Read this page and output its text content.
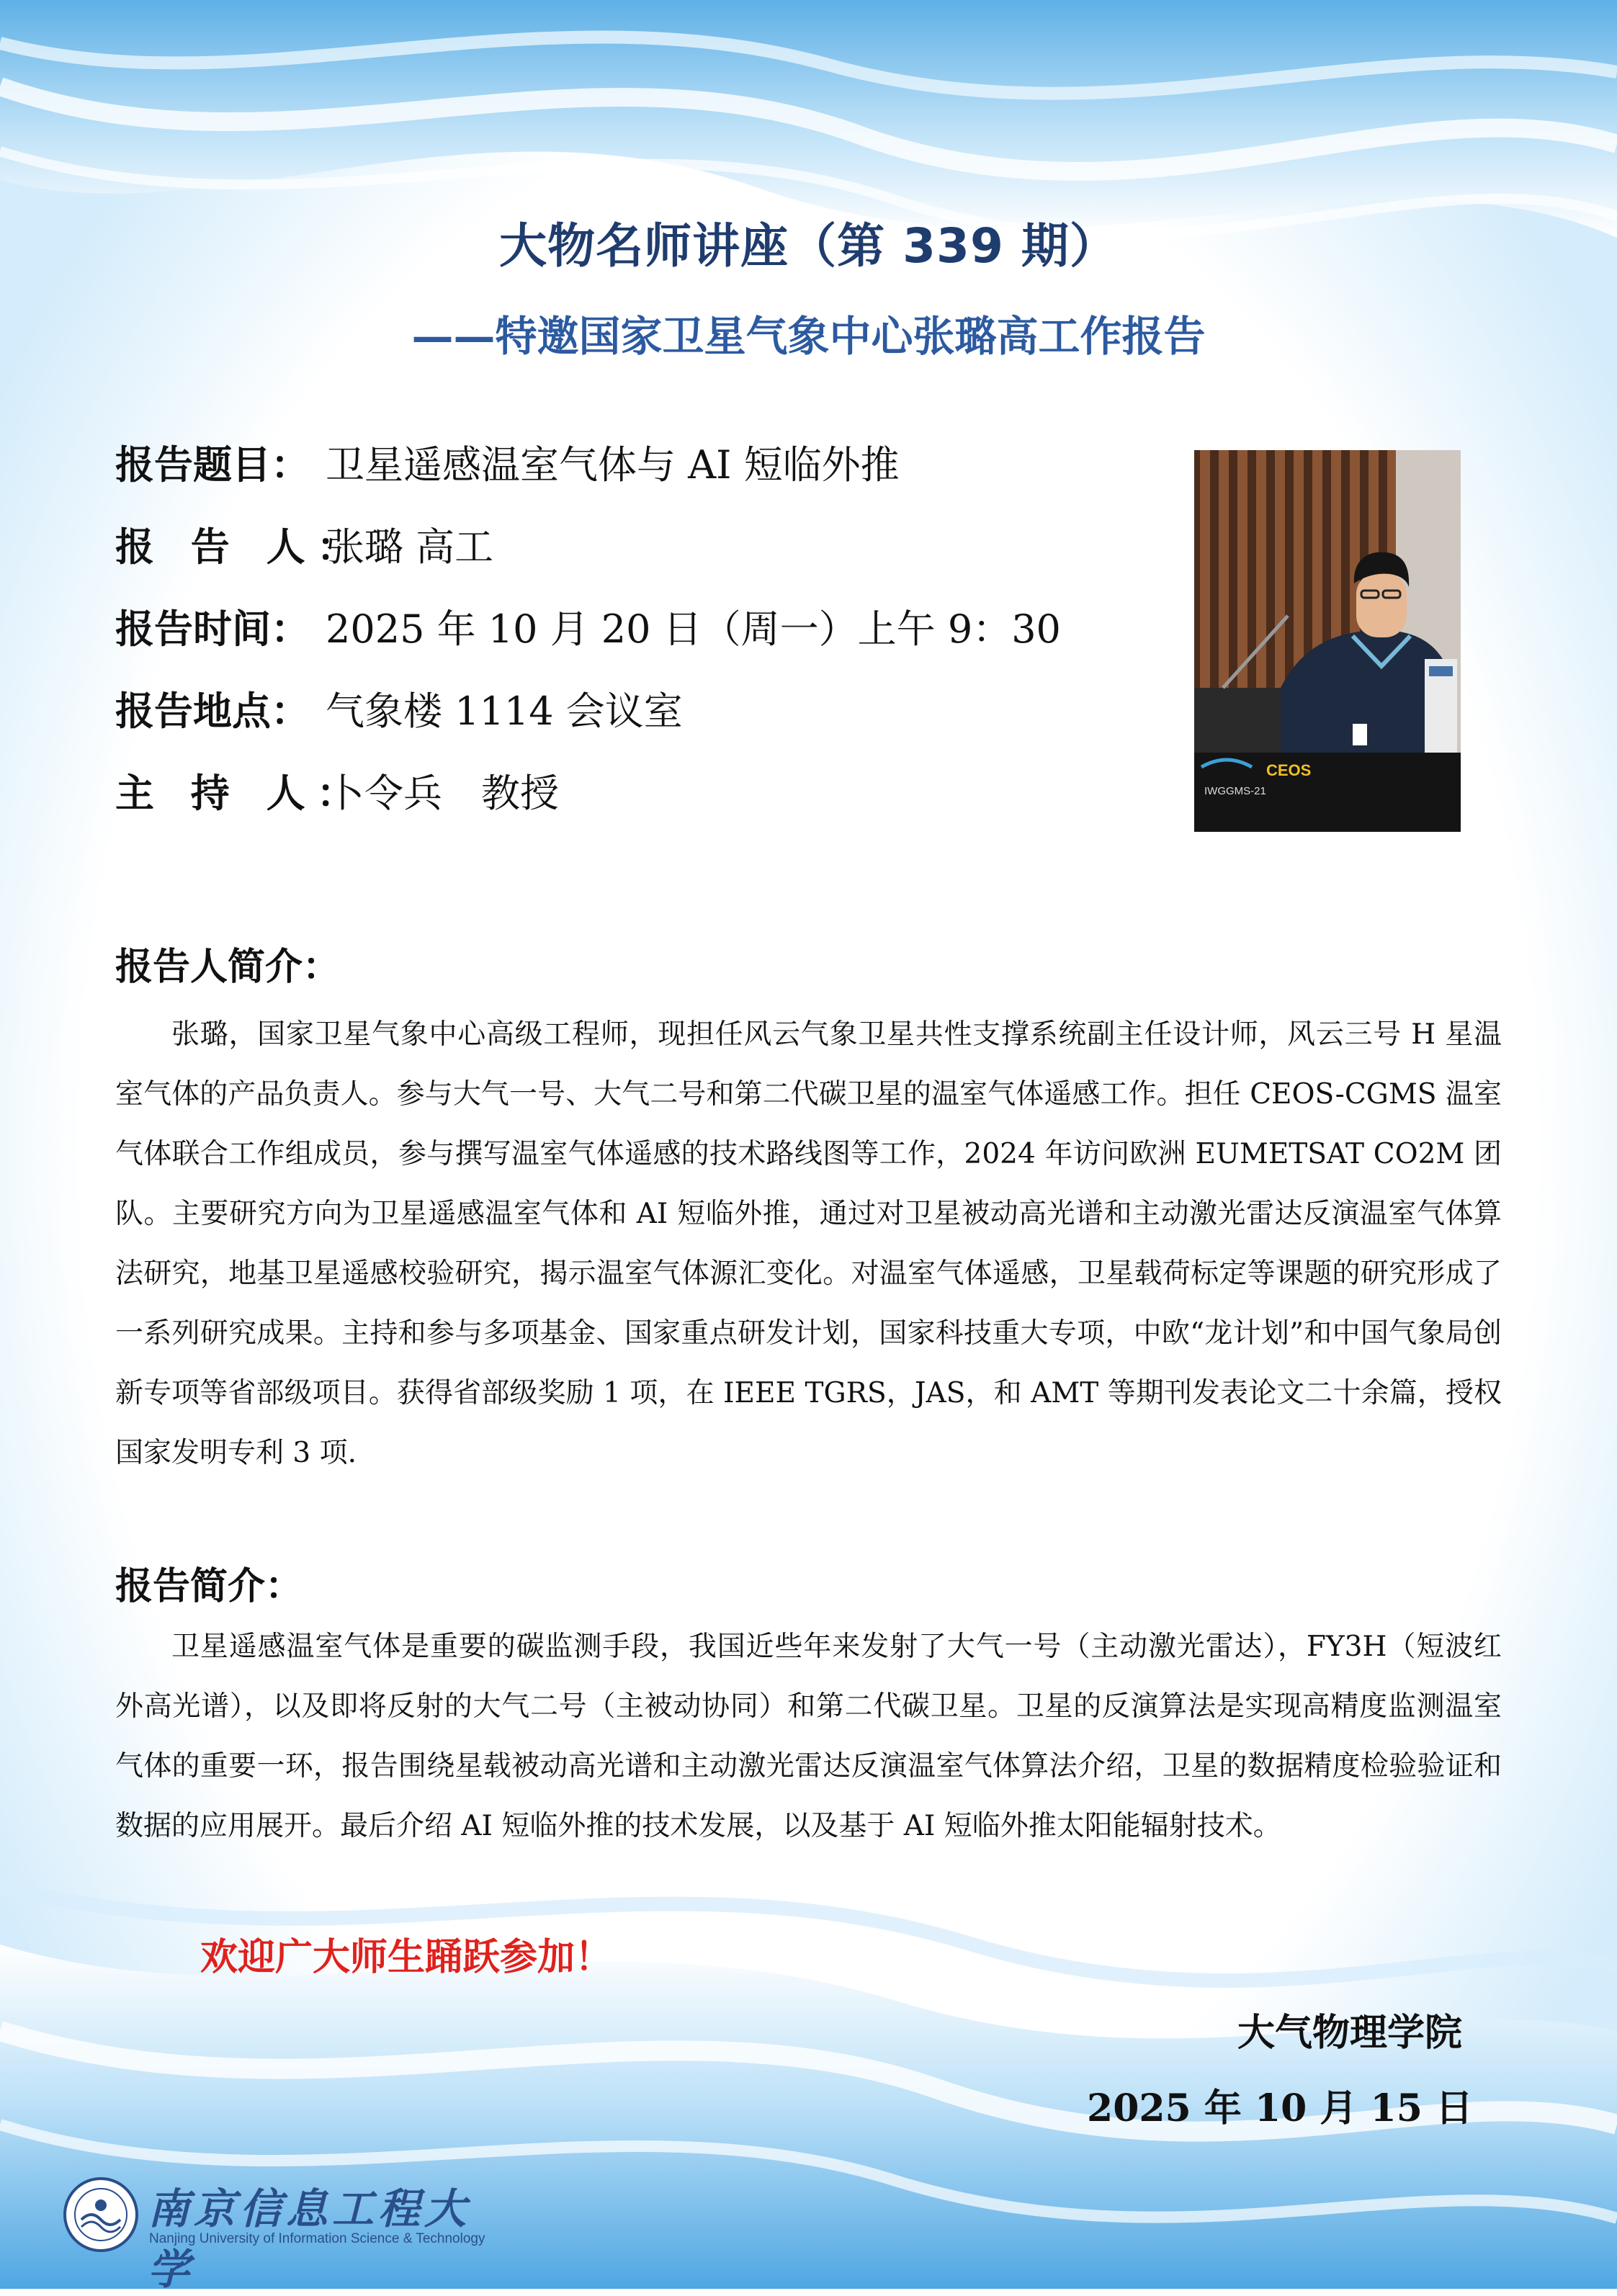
大物名师讲座（第 339 期）
——特邀国家卫星气象中心张璐高工作报告
报告题目： 卫星遥感温室气体与 AI 短临外推
报 告 人：张璐 高工
报告时间： 2025 年 10 月 20 日（周一）上午 9：30
报告地点： 气象楼 1114 会议室
主 持 人：卜令兵　教授	IWGGMS-21
CEOS
报告人简介：

张璐，国家卫星气象中心高级工程师，现担任风云气象卫星共性支撑系统副主任设计师，风云三号 H 星温室气体的产品负责人。参与大气一号、大气二号和第二代碳卫星的温室气体遥感工作。担任 CEOS-CGMS 温室气体联合工作组成员，参与撰写温室气体遥感的技术路线图等工作，2024 年访问欧洲 EUMETSAT CO2M 团队。主要研究方向为卫星遥感温室气体和 AI 短临外推，通过对卫星被动高光谱和主动激光雷达反演温室气体算法研究，地基卫星遥感校验研究，揭示温室气体源汇变化。对温室气体遥感，卫星载荷标定等课题的研究形成了一系列研究成果。主持和参与多项基金、国家重点研发计划，国家科技重大专项，中欧“龙计划”和中国气象局创新专项等省部级项目。获得省部级奖励 1 项，在 IEEE TGRS，JAS，和 AMT 等期刊发表论文二十余篇，授权国家发明专利 3 项.

报告简介：

卫星遥感温室气体是重要的碳监测手段，我国近些年来发射了大气一号（主动激光雷达），FY3H（短波红外高光谱），以及即将反射的大气二号（主被动协同）和第二代碳卫星。卫星的反演算法是实现高精度监测温室气体的重要一环，报告围绕星载被动高光谱和主动激光雷达反演温室气体算法介绍，卫星的数据精度检验验证和数据的应用展开。最后介绍 AI 短临外推的技术发展，以及基于 AI 短临外推太阳能辐射技术。

欢迎广大师生踊跃参加！
大气物理学院
2025 年 10 月 15 日
南京信息工程大学
Nanjing University of Information Science & Technology
